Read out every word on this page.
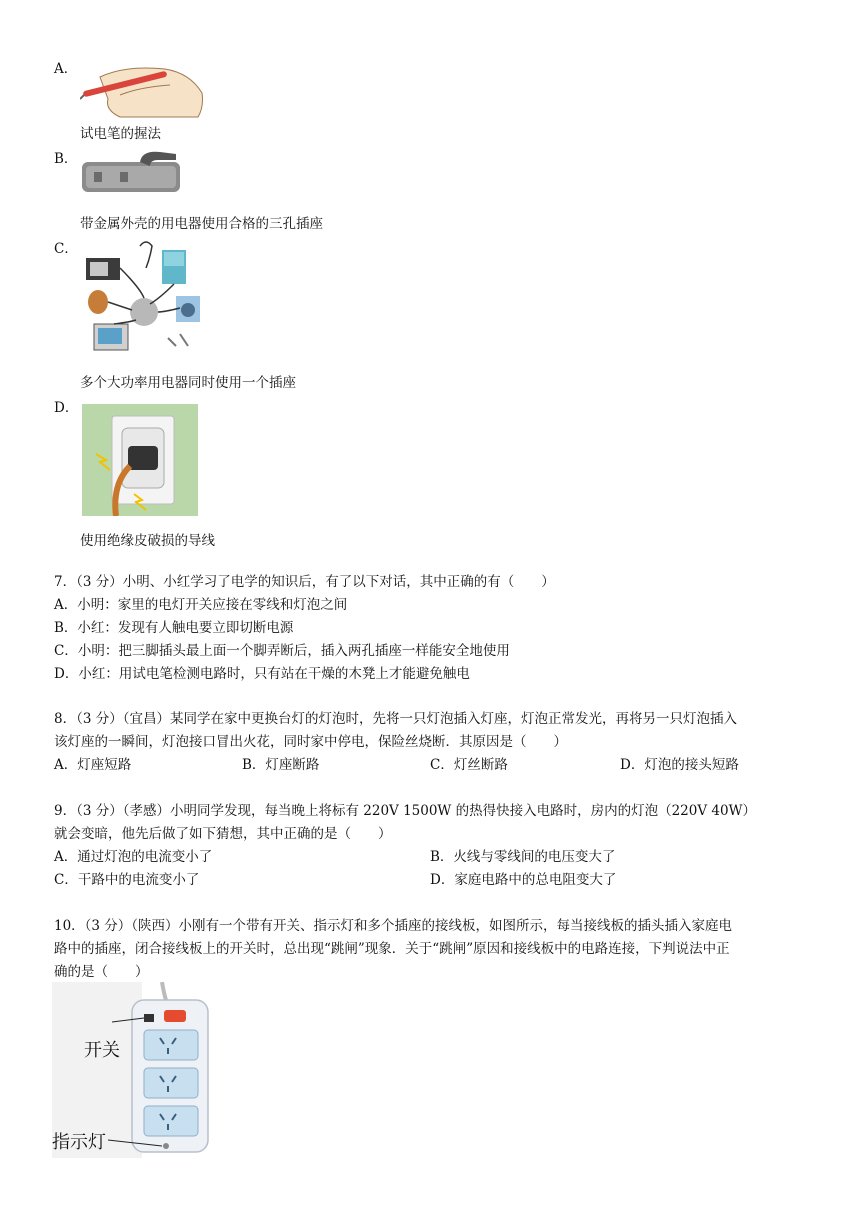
A．
试电笔的握法
B．
带金属外壳的用电器使用合格的三孔插座
C．
多个大功率用电器同时使用一个插座
D．
使用绝缘皮破损的导线
7．（3 分）小明、小红学习了电学的知识后，有了以下对话，其中正确的有（　　）
A．小明：家里的电灯开关应接在零线和灯泡之间
B．小红：发现有人触电要立即切断电源
C．小明：把三脚插头最上面一个脚弄断后，插入两孔插座一样能安全地使用
D．小红：用试电笔检测电路时，只有站在干燥的木凳上才能避免触电
8．（3 分）（宜昌）某同学在家中更换台灯的灯泡时，先将一只灯泡插入灯座，灯泡正常发光，再将另一只灯泡插入
该灯座的一瞬间，灯泡接口冒出火花，同时家中停电，保险丝烧断．其原因是（　　）
A．灯座短路	B．灯座断路	C．灯丝断路	D．灯泡的接头短路
9．（3 分）（孝感）小明同学发现，每当晚上将标有 220V 1500W 的热得快接入电路时，房内的灯泡（220V 40W）
就会变暗，他先后做了如下猜想，其中正确的是（　　）
A．通过灯泡的电流变小了	B．火线与零线间的电压变大了
C．干路中的电流变小了	D．家庭电路中的总电阻变大了
10．（3 分）（陕西）小刚有一个带有开关、指示灯和多个插座的接线板，如图所示，每当接线板的插头插入家庭电
路中的插座，闭合接线板上的开关时，总出现“跳闸”现象．关于“跳闸”原因和接线板中的电路连接，下判说法中正
确的是（　　）
开关
指示灯
